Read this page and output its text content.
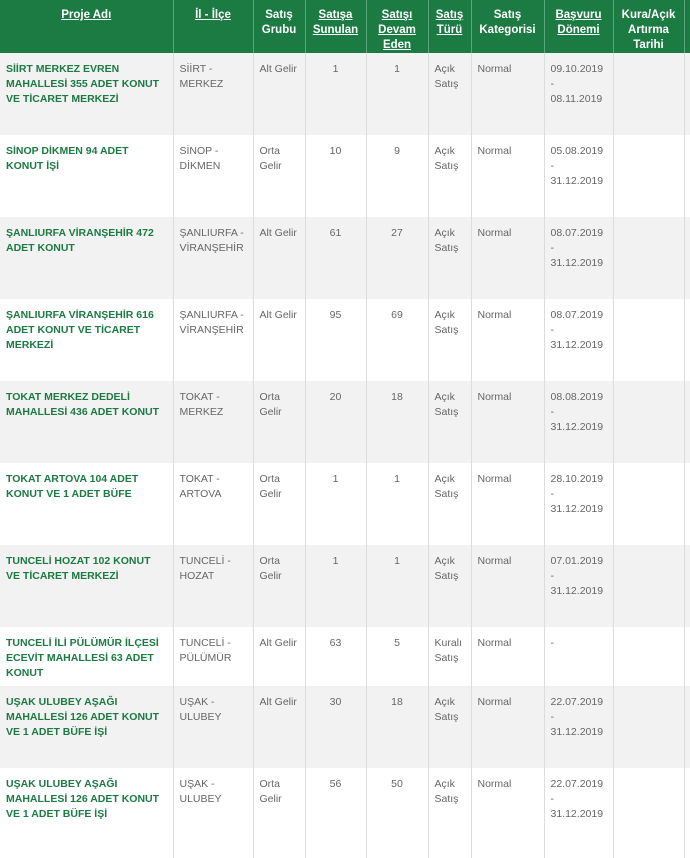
Proje Adı	İl - İlçe	Satış Grubu	Satışa Sunulan	Satışı Devam Eden	Satış Türü	Satış Kategorisi	Başvuru Dönemi	Kura/Açık Artırma Tarihi	
SİİRT MERKEZ EVREN MAHALLESİ 355 ADET KONUT VE TİCARET MERKEZİ	SİİRT - MERKEZ	Alt Gelir	1	1	Açık Satış	Normal	09.10.2019 - 08.11.2019		
SİNOP DİKMEN 94 ADET KONUT İŞİ	SİNOP - DİKMEN	Orta Gelir	10	9	Açık Satış	Normal	05.08.2019 - 31.12.2019		
ŞANLIURFA VİRANŞEHİR 472 ADET KONUT	ŞANLIURFA - VİRANŞEHİR	Alt Gelir	61	27	Açık Satış	Normal	08.07.2019 - 31.12.2019		
ŞANLIURFA VİRANŞEHİR 616 ADET KONUT VE TİCARET MERKEZİ	ŞANLIURFA - VİRANŞEHİR	Alt Gelir	95	69	Açık Satış	Normal	08.07.2019 - 31.12.2019		
TOKAT MERKEZ DEDELİ MAHALLESİ 436 ADET KONUT	TOKAT - MERKEZ	Orta Gelir	20	18	Açık Satış	Normal	08.08.2019 - 31.12.2019		
TOKAT ARTOVA 104 ADET KONUT VE 1 ADET BÜFE	TOKAT - ARTOVA	Orta Gelir	1	1	Açık Satış	Normal	28.10.2019 - 31.12.2019		
TUNCELİ HOZAT 102 KONUT VE TİCARET MERKEZİ	TUNCELİ - HOZAT	Orta Gelir	1	1	Açık Satış	Normal	07.01.2019 - 31.12.2019		
TUNCELİ İLİ PÜLÜMÜR İLÇESİ ECEVİT MAHALLESİ 63 ADET KONUT	TUNCELİ - PÜLÜMÜR	Alt Gelir	63	5	Kuralı Satış	Normal	-		
UŞAK ULUBEY AŞAĞI MAHALLESİ 126 ADET KONUT VE 1 ADET BÜFE İŞİ	UŞAK - ULUBEY	Alt Gelir	30	18	Açık Satış	Normal	22.07.2019 - 31.12.2019		
UŞAK ULUBEY AŞAĞI MAHALLESİ 126 ADET KONUT VE 1 ADET BÜFE İŞİ	UŞAK - ULUBEY	Orta Gelir	56	50	Açık Satış	Normal	22.07.2019 - 31.12.2019		
